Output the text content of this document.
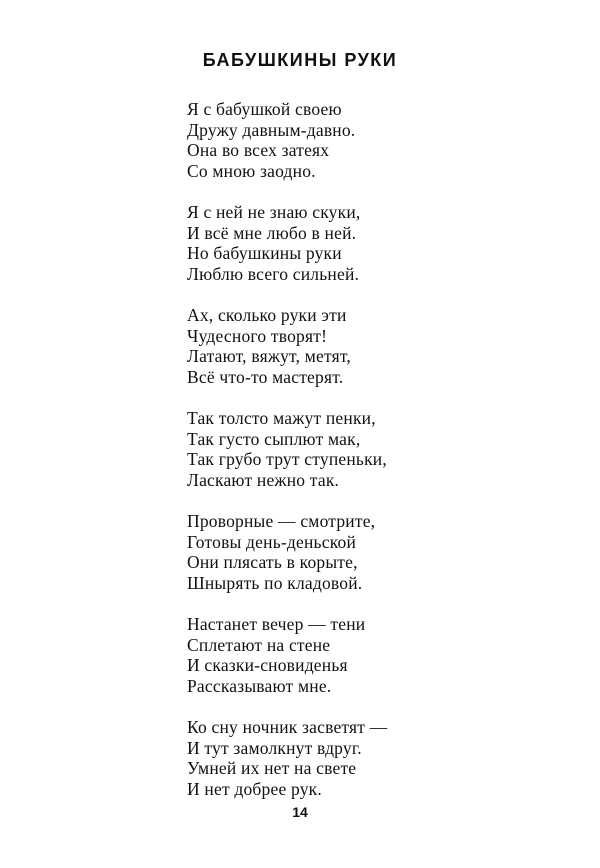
БАБУШКИНЫ РУКИ
Я с бабушкой своею
Дружу давным-давно.
Она во всех затеях
Со мною заодно.
Я с ней не знаю скуки,
И всё мне любо в ней.
Но бабушкины руки
Люблю всего сильней.
Ах, сколько руки эти
Чудесного творят!
Латают, вяжут, метят,
Всё что-то мастерят.
Так толсто мажут пенки,
Так густо сыплют мак,
Так грубо трут ступеньки,
Ласкают нежно так.
Проворные — смотрите,
Готовы день-деньской
Они плясать в корыте,
Шнырять по кладовой.
Настанет вечер — тени
Сплетают на стене
И сказки-сновиденья
Рассказывают мне.
Ко сну ночник засветят —
И тут замолкнут вдруг.
Умней их нет на свете
И нет добрее рук.
14
